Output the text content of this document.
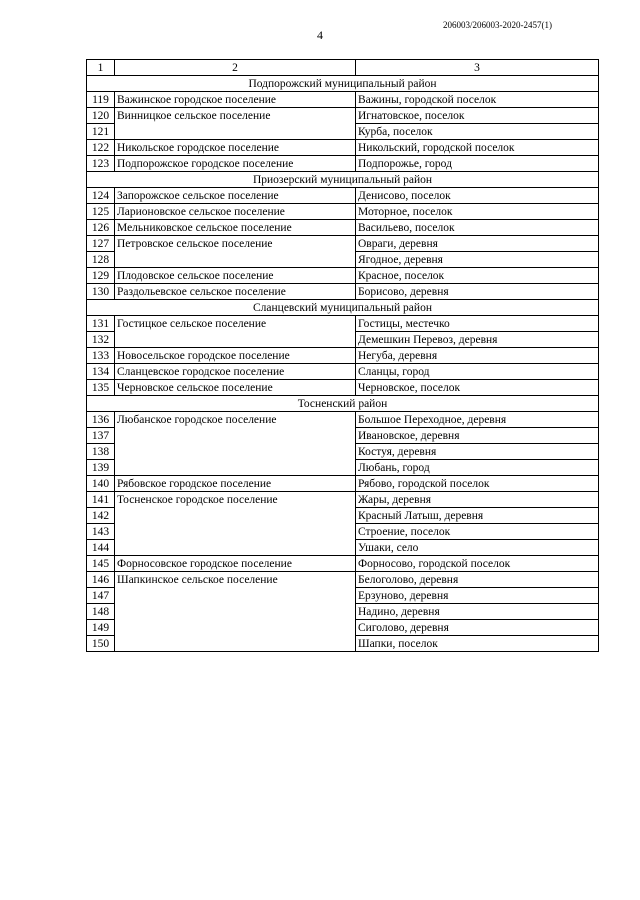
206003/206003-2020-2457(1)
4
1	2	3
Подпорожский муниципальный район		
119	Важинское городское поселение	Важины, городской поселок
120	Винницкое сельское поселение	Игнатовское, поселок
121		Курба, поселок
122	Никольское городское поселение	Никольский, городской поселок
123	Подпорожское городское поселение	Подпорожье, город
Приозерский муниципальный район		
124	Запорожское сельское поселение	Денисово, поселок
125	Ларионовское сельское поселение	Моторное, поселок
126	Мельниковское сельское поселение	Васильево, поселок
127	Петровское сельское поселение	Овраги, деревня
128		Ягодное, деревня
129	Плодовское сельское поселение	Красное, поселок
130	Раздольевское сельское поселение	Борисово, деревня
Сланцевский муниципальный район		
131	Гостицкое сельское поселение	Гостицы, местечко
132		Демешкин Перевоз, деревня
133	Новосельское городское поселение	Негуба, деревня
134	Сланцевское городское поселение	Сланцы, город
135	Черновское сельское поселение	Черновское, поселок
Тосненский район		
136	Любанское городское поселение	Большое Переходное, деревня
137		Ивановское, деревня
138		Костуя, деревня
139		Любань, город
140	Рябовское городское поселение	Рябово, городской поселок
141	Тосненское городское поселение	Жары, деревня
142		Красный Латыш, деревня
143		Строение, поселок
144		Ушаки, село
145	Форносовское городское поселение	Форносово, городской поселок
146	Шапкинское сельское поселение	Белоголово, деревня
147		Ерзуново, деревня
148		Надино, деревня
149		Сиголово, деревня
150		Шапки, поселок
